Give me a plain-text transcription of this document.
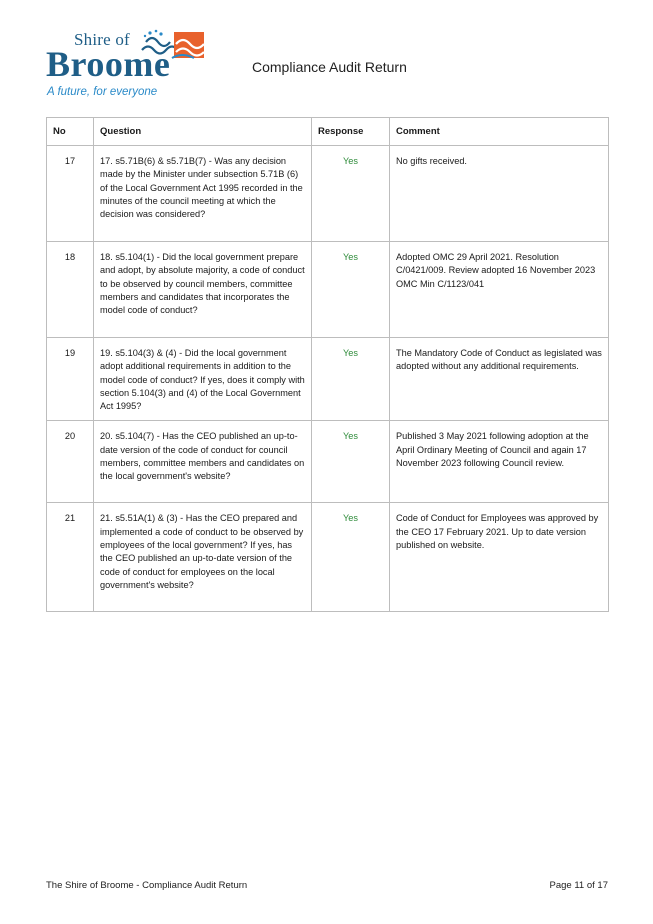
Shire of
Broome
A future, for everyone
Compliance Audit Return
No	Question	Response	Comment
17	17. s5.71B(6) & s5.71B(7) - Was any decision made by the Minister under subsection 5.71B (6) of the Local Government Act 1995 recorded in the minutes of the council meeting at which the decision was considered?	Yes	No gifts received.
18	18. s5.104(1) - Did the local government prepare and adopt, by absolute majority, a code of conduct to be observed by council members, committee members and candidates that incorporates the model code of conduct?	Yes	Adopted OMC 29 April 2021. Resolution C/0421/009. Review adopted 16 November 2023 OMC Min C/1123/041
19	19. s5.104(3) & (4) - Did the local government adopt additional requirements in addition to the model code of conduct? If yes, does it comply with section 5.104(3) and (4) of the Local Government Act 1995?	Yes	The Mandatory Code of Conduct as legislated was adopted without any additional requirements.
20	20. s5.104(7) - Has the CEO published an up-to-date version of the code of conduct for council members, committee members and candidates on the local government's website?	Yes	Published 3 May 2021 following adoption at the April Ordinary Meeting of Council and again 17 November 2023 following Council review.
21	21. s5.51A(1) & (3) - Has the CEO prepared and implemented a code of conduct to be observed by employees of the local government? If yes, has the CEO published an up-to-date version of the code of conduct for employees on the local government's website?	Yes	Code of Conduct for Employees was approved by the CEO 17 February 2021. Up to date version published on website.
The Shire of Broome - Compliance Audit Return	Page 11 of 17
